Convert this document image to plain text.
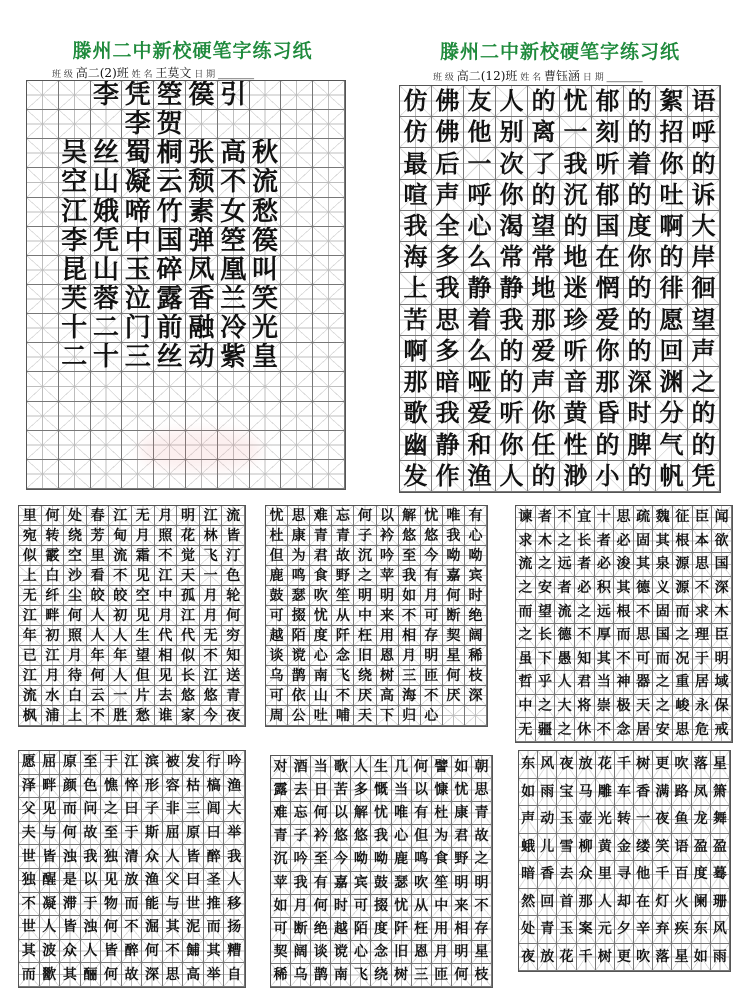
滕州二中新校硬笔字练习纸
班 级 高二(2)班 姓 名 王莫文 日 期 ________
李 凭 箜 篌 引
李 贺
吴 丝 蜀 桐 张 高 秋
空 山 凝 云 颓 不 流
江 娥 啼 竹 素 女 愁
李 凭 中 国 弹 箜 篌
昆 山 玉 碎 凤 凰 叫
芙 蓉 泣 露 香 兰 笑
十 二 门 前 融 冷 光
二 十 三 丝 动 紫 皇
滕州二中新校硬笔字练习纸
班 级 高二(12)班 姓 名 曹钰涵 日 期 ________
仿 佛 友 人 的 忧 郁 的 絮 语
仿 佛 他 别 离 一 刻 的 招 呼
最 后 一 次 了 我 听 着 你 的
喧 声 呼 你 的 沉 郁 的 吐 诉
我 全 心 渴 望 的 国 度 啊 大
海 多 么 常 常 地 在 你 的 岸
上 我 静 静 地 迷 惘 的 徘 徊
苦 思 着 我 那 珍 爱 的 愿 望
啊 多 么 的 爱 听 你 的 回 声
那 暗 哑 的 声 音 那 深 渊 之
歌 我 爱 听 你 黄 昏 时 分 的
幽 静 和 你 任 性 的 脾 气 的
发 作 渔 人 的 渺 小 的 帆 凭
里 何 处 春 江 无 月 明 江 流
宛 转 绕 芳 甸 月 照 花 林 皆
似 霰 空 里 流 霜 不 觉 飞 汀
上 白 沙 看 不 见 江 天 一 色
无 纤 尘 皎 皎 空 中 孤 月 轮
江 畔 何 人 初 见 月 江 月 何
年 初 照 人 人 生 代 代 无 穷
已 江 月 年 年 望 相 似 不 知
江 月 待 何 人 但 见 长 江 送
流 水 白 云 一 片 去 悠 悠 青
枫 浦 上 不 胜 愁 谁 家 今 夜
忧 思 难 忘 何 以 解 忧 唯 有
杜 康 青 青 子 衿 悠 悠 我 心
但 为 君 故 沉 吟 至 今 呦 呦
鹿 鸣 食 野 之 苹 我 有 嘉 宾
鼓 瑟 吹 笙 明 明 如 月 何 时
可 掇 忧 从 中 来 不 可 断 绝
越 陌 度 阡 枉 用 相 存 契 阔
谈 谠 心 念 旧 恩 月 明 星 稀
乌 鹊 南 飞 绕 树 三 匝 何 枝
可 依 山 不 厌 高 海 不 厌 深
周 公 吐 哺 天 下 归 心
谏 者 不 宜 十 思 疏 魏 征 臣 闻
求 木 之 长 者 必 固 其 根 本 欲
流 之 远 者 必 浚 其 泉 源 思 国
之 安 者 必 积 其 德 义 源 不 深
而 望 流 之 远 根 不 固 而 求 木
之 长 德 不 厚 而 思 国 之 理 臣
虽 下 愚 知 其 不 可 而 况 于 明
哲 乎 人 君 当 神 器 之 重 居 域
中 之 大 将 崇 极 天 之 峻 永 保
无 疆 之 休 不 念 居 安 思 危 戒
愿 屈 原 至 于 江 滨 被 发 行 吟
泽 畔 颜 色 憔 悴 形 容 枯 槁 渔
父 见 而 问 之 曰 子 非 三 闾 大
夫 与 何 故 至 于 斯 屈 原 曰 举
世 皆 浊 我 独 清 众 人 皆 醉 我
独 醒 是 以 见 放 渔 父 曰 圣 人
不 凝 滞 于 物 而 能 与 世 推 移
世 人 皆 浊 何 不 淈 其 泥 而 扬
其 波 众 人 皆 醉 何 不 餔 其 糟
而 歠 其 酾 何 故 深 思 高 举 自
对 酒 当 歌 人 生 几 何 譬 如 朝
露 去 日 苦 多 慨 当 以 慷 忧 思
难 忘 何 以 解 忧 唯 有 杜 康 青
青 子 衿 悠 悠 我 心 但 为 君 故
沉 吟 至 今 呦 呦 鹿 鸣 食 野 之
苹 我 有 嘉 宾 鼓 瑟 吹 笙 明 明
如 月 何 时 可 掇 忧 从 中 来 不
可 断 绝 越 陌 度 阡 枉 用 相 存
契 阔 谈 谠 心 念 旧 恩 月 明 星
稀 乌 鹊 南 飞 绕 树 三 匝 何 枝
东 风 夜 放 花 千 树 更 吹 落 星
如 雨 宝 马 雕 车 香 满 路 凤 箫
声 动 玉 壶 光 转 一 夜 鱼 龙 舞
蛾 儿 雪 柳 黄 金 缕 笑 语 盈 盈
暗 香 去 众 里 寻 他 千 百 度 蓦
然 回 首 那 人 却 在 灯 火 阑 珊
处 青 玉 案 元 夕 辛 弃 疾 东 风
夜 放 花 千 树 更 吹 落 星 如 雨
